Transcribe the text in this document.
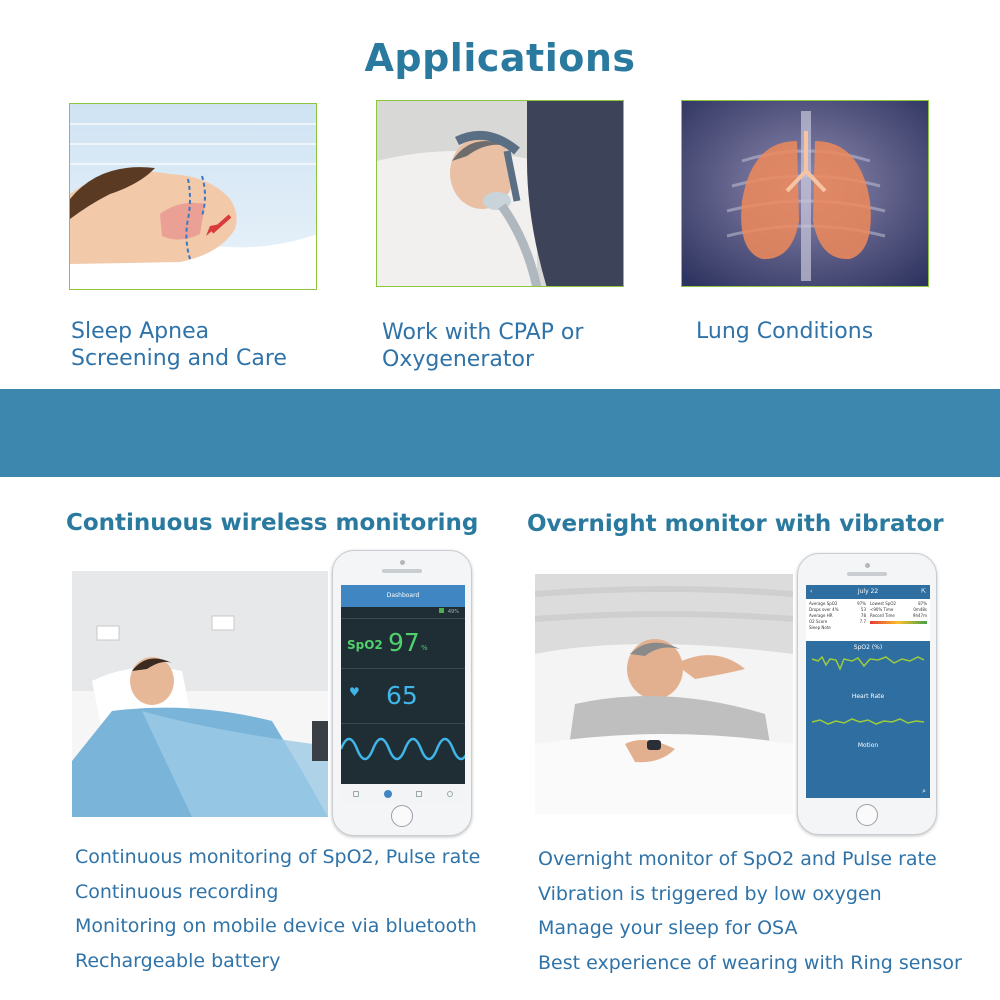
Applications
Sleep Apnea
Screening and Care
Work with CPAP or
Oxygenerator
Lung Conditions
Continuous wireless monitoring Overnight monitor with vibrator
Dashboard
49%
SpO2 97 %
♥ 65
‹	July 22	⇱
Average SpO2	97%
Drops over 4%	53
Average HR	78
O2 Score	7.7
Sleep Note
Lowest SpO2	87%
<90% Time	0m48s
Record Time	9h47m
SpO2 (%)
Heart Rate
Motion
⌕
Continuous monitoring of SpO2, Pulse rate
Continuous recording
Monitoring on mobile device via bluetooth
Rechargeable battery
Overnight monitor of SpO2 and Pulse rate
Vibration is triggered by low oxygen
Manage your sleep for OSA
Best experience of wearing with Ring sensor
